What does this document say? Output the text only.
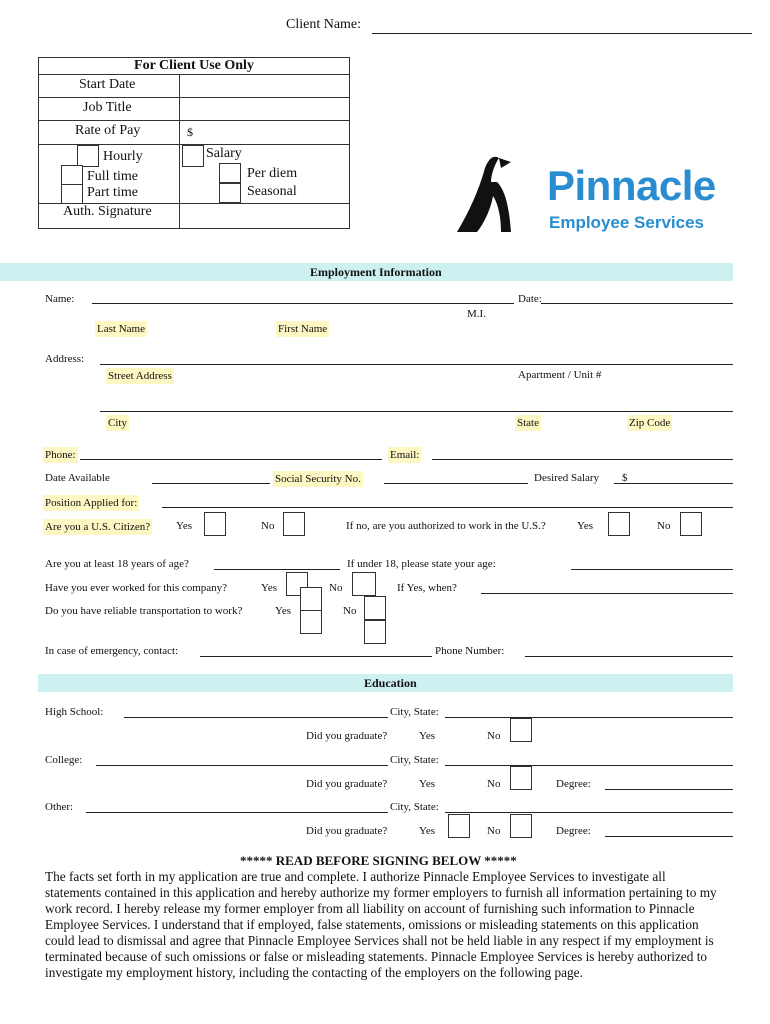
Client Name:
For Client Use Only
Start Date
Job Title
Rate of Pay	$
Hourly	Salary
Full time
Part time
Per diem
Seasonal
Auth. Signature
Pinnacle
Employee Services
Employment Information
Name:	Date:
M.I.
Last Name	First Name
Address:
Street Address	Apartment / Unit #
City	State	Zip Code
Phone:	Email:
Date Available	Social Security No.	Desired Salary $
Position Applied for:
Are you a U.S. Citizen? Yes	No	If no, are you authorized to work in the U.S.?	Yes	No
Are you at least 18 years of age?	If under 18, please state your age:
Have you ever worked for this company?	Yes	No	If Yes, when?
Do you have reliable transportation to work?	Yes	No
In case of emergency, contact:	Phone Number:
Education
High School:	City, State:
Did you graduate?	Yes	No
College:	City, State:
Did you graduate?	Yes	No	Degree:
Other:	City, State:
Did you graduate?	Yes	No	Degree:
***** READ BEFORE SIGNING BELOW *****
The facts set forth in my application are true and complete. I authorize Pinnacle Employee Services to investigate all statements contained in this application and hereby authorize my former employers to furnish all information pertaining to my work record. I hereby release my former employer from all liability on account of furnishing such information to Pinnacle Employee Services. I understand that if employed, false statements, omissions or misleading statements on this application could lead to dismissal and agree that Pinnacle Employee Services shall not be held liable in any respect if my employment is terminated because of such omissions or false or misleading statements. Pinnacle Employee Services is hereby authorized to investigate my employment history, including the contacting of the employers on the following page.
